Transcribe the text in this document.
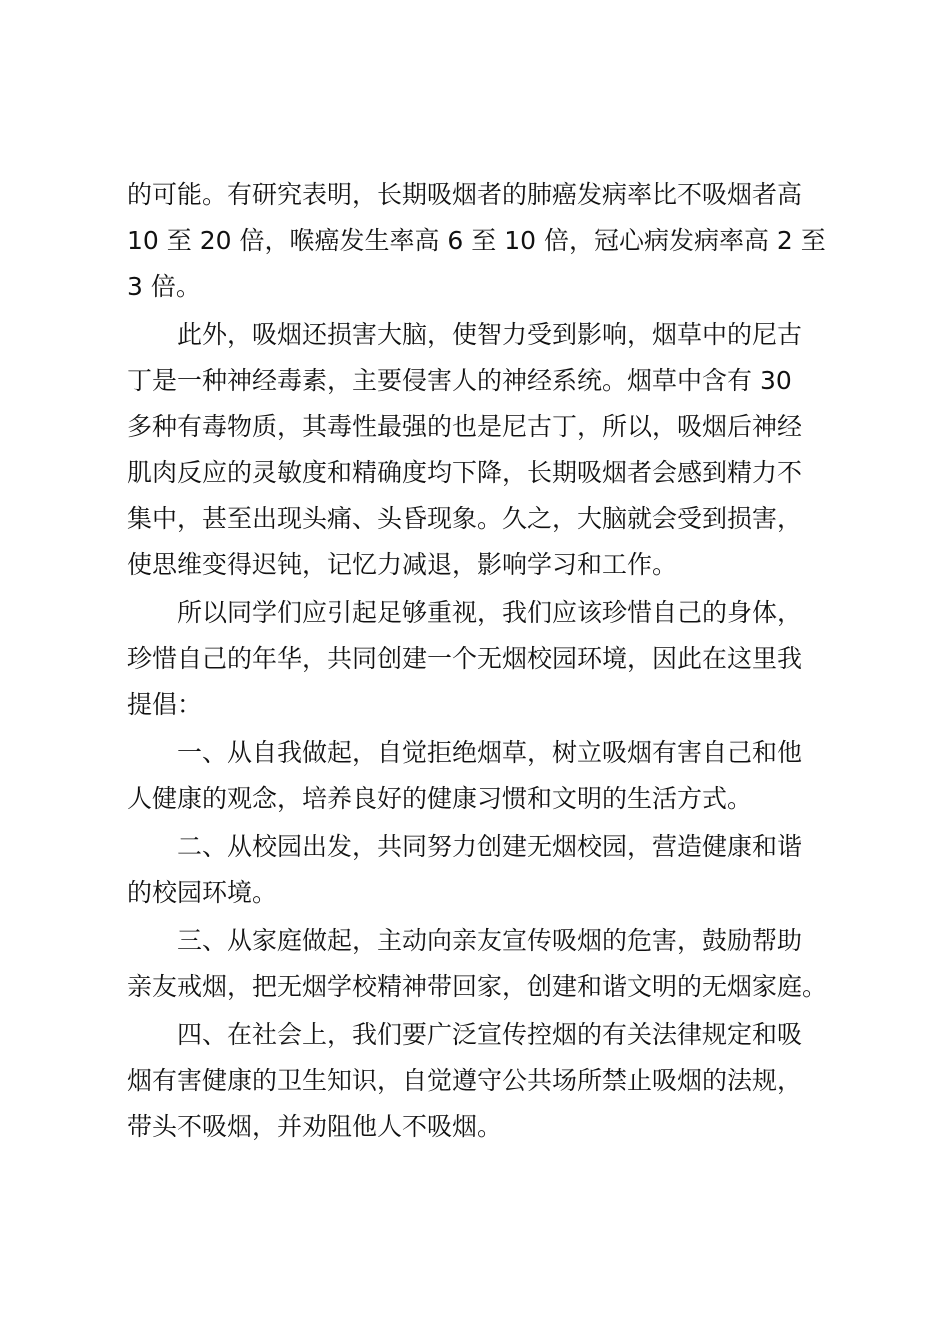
的可能。有研究表明，长期吸烟者的肺癌发病率比不吸烟者高
10 至 20 倍，喉癌发生率高 6 至 10 倍，冠心病发病率高 2 至
3 倍。
此外，吸烟还损害大脑，使智力受到影响，烟草中的尼古
丁是一种神经毒素，主要侵害人的神经系统。烟草中含有 30
多种有毒物质，其毒性最强的也是尼古丁，所以，吸烟后神经
肌肉反应的灵敏度和精确度均下降，长期吸烟者会感到精力不
集中，甚至出现头痛、头昏现象。久之，大脑就会受到损害，
使思维变得迟钝，记忆力减退，影响学习和工作。
所以同学们应引起足够重视，我们应该珍惜自己的身体，
珍惜自己的年华，共同创建一个无烟校园环境，因此在这里我
提倡：
一、从自我做起，自觉拒绝烟草，树立吸烟有害自己和他
人健康的观念，培养良好的健康习惯和文明的生活方式。
二、从校园出发，共同努力创建无烟校园，营造健康和谐
的校园环境。
三、从家庭做起，主动向亲友宣传吸烟的危害，鼓励帮助
亲友戒烟，把无烟学校精神带回家，创建和谐文明的无烟家庭。
四、在社会上，我们要广泛宣传控烟的有关法律规定和吸
烟有害健康的卫生知识，自觉遵守公共场所禁止吸烟的法规，
带头不吸烟，并劝阻他人不吸烟。
